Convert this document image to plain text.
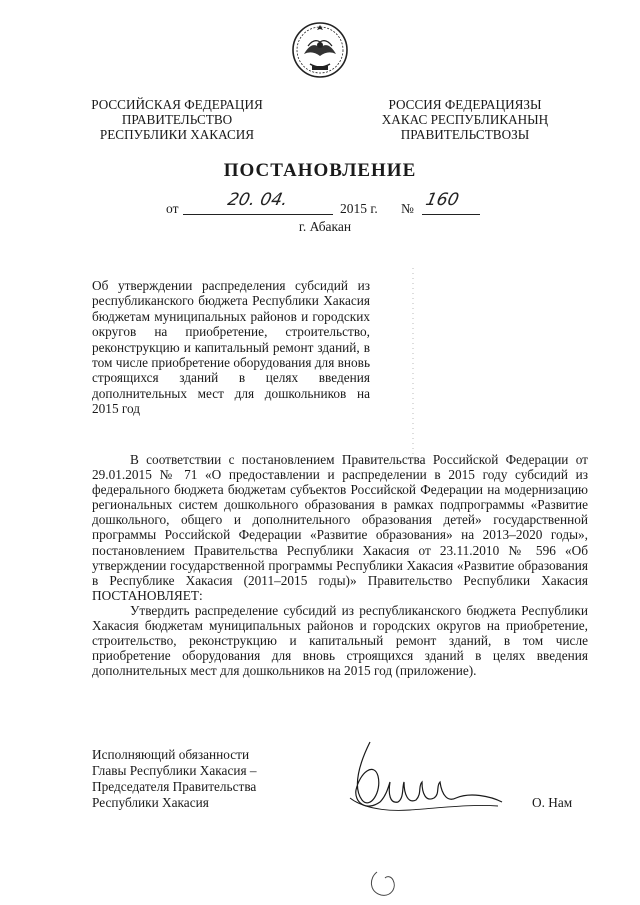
РОССИЙСКАЯ ФЕДЕРАЦИЯ
ПРАВИТЕЛЬСТВО
РЕСПУБЛИКИ ХАКАСИЯ
РОССИЯ ФЕДЕРАЦИЯЗЫ
ХАКАС РЕСПУБЛИКАНЫҢ
ПРАВИТЕЛЬСТВОЗЫ
ПОСТАНОВЛЕНИЕ
от	20. 04.	2015 г. № 160
г. Абакан
Об утверждении распределения субсидий из республиканского бюджета Республики Хакасия бюджетам муниципальных районов и городских округов на приобретение, строительство, реконструкцию и капитальный ремонт зданий, в том числе приобретение оборудования для вновь строящихся зданий в целях введения дополнительных мест для дошкольников на 2015 год

В соответствии с постановлением Правительства Российской Федерации от 29.01.2015 № 71 «О предоставлении и распределении в 2015 году субсидий из федерального бюджета бюджетам субъектов Российской Федерации на модернизацию региональных систем дошкольного образования в рамках подпрограммы «Развитие дошкольного, общего и дополнительного образования детей» государственной программы Российской Федерации «Развитие образования» на 2013–2020 годы», постановлением Правительства Республики Хакасия от 23.11.2010 № 596 «Об утверждении государственной программы Республики Хакасия «Развитие образования в Республике Хакасия (2011–2015 годы)» Правительство Республики Хакасия ПОСТАНОВЛЯЕТ:

Утвердить распределение субсидий из республиканского бюджета Республики Хакасия бюджетам муниципальных районов и городских округов на приобретение, строительство, реконструкцию и капитальный ремонт зданий, в том числе приобретение оборудования для вновь строящихся зданий в целях введения дополнительных мест для дошкольников на 2015 год (приложение).

Исполняющий обязанности
Главы Республики Хакасия –
Председателя Правительства
Республики Хакасия	О. Нам
